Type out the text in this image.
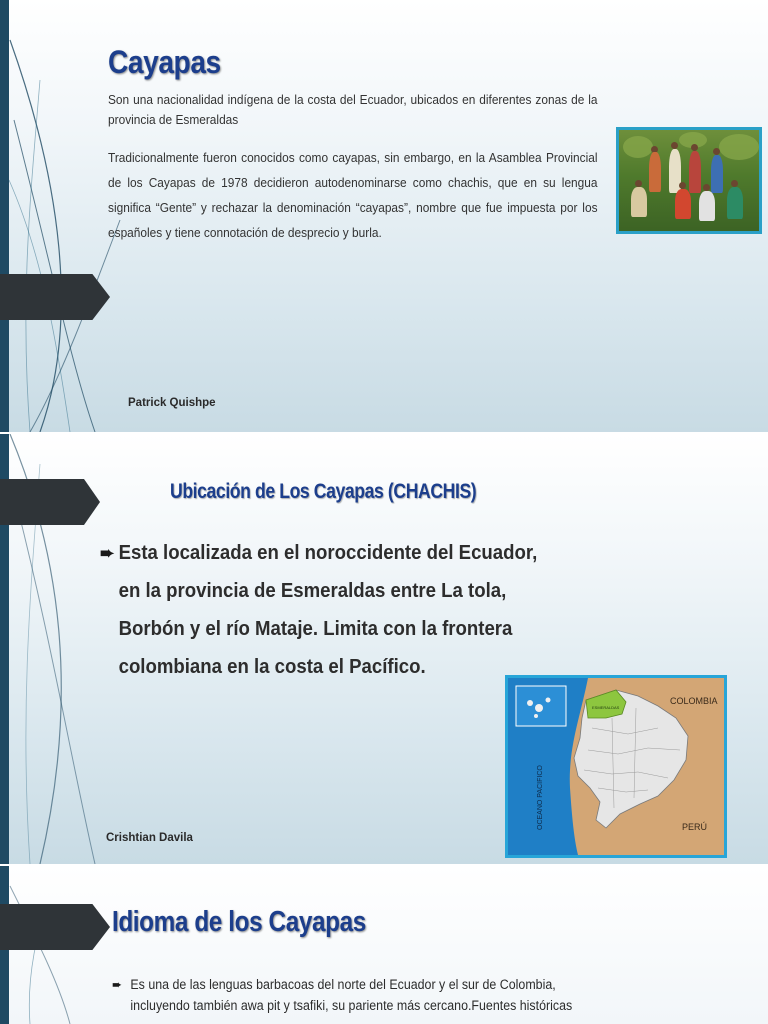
Cayapas

Son una nacionalidad indígena de la costa del Ecuador, ubicados en diferentes zonas de la provincia de Esmeraldas

Tradicionalmente fueron conocidos como cayapas, sin embargo, en la Asamblea Provincial de los Cayapas de 1978 decidieron autodenominarse como chachis, que en su lengua significa “Gente” y rechazar la denominación “cayapas”, nombre que fue impuesta por los españoles y tiene connotación de desprecio y burla.

Patrick Quishpe

Ubicación de Los Cayapas (CHACHIS)
➨ Esta localizada en el noroccidente del Ecuador,
en la provincia de Esmeraldas entre La tola,
Borbón y el río Mataje. Limita con la frontera
colombiana en la costa el Pacífico.
ESMERALDAS
COLOMBIA
PERÚ
OCEANO PACIFICO

Crishtian Davila

Idioma de los Cayapas
➨ Es una de las lenguas barbacoas del norte del Ecuador y el sur de Colombia,
incluyendo también awa pit y tsafiki, su pariente más cercano.Fuentes históricas
